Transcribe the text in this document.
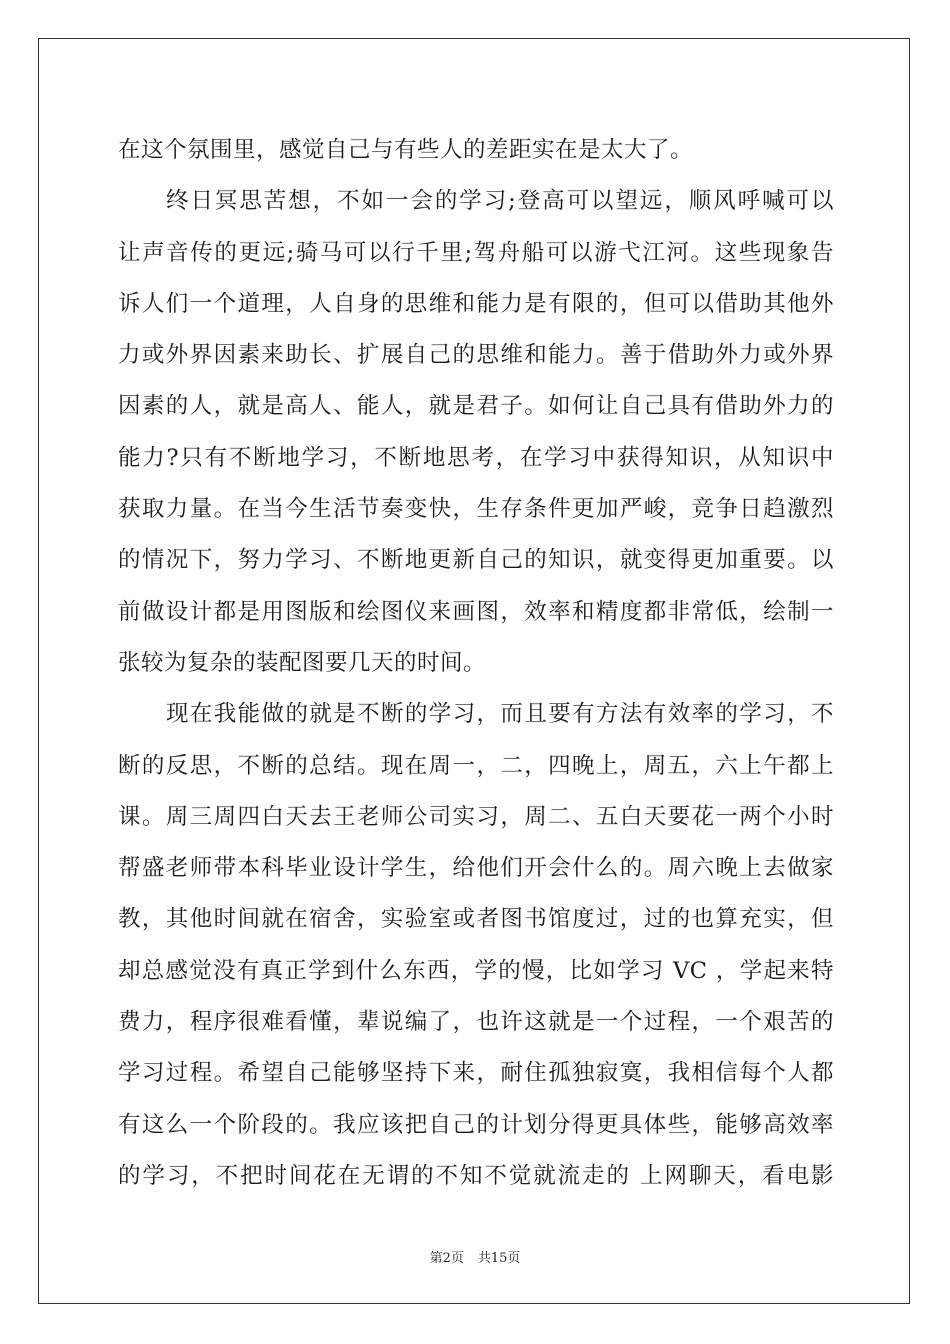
在这个氛围里，感觉自己与有些人的差距实在是太大了。
终日冥思苦想，不如一会的学习;登高可以望远，顺风呼喊可以
让声音传的更远;骑马可以行千里;驾舟船可以游弋江河。这些现象告
诉人们一个道理，人自身的思维和能力是有限的，但可以借助其他外
力或外界因素来助长、扩展自己的思维和能力。善于借助外力或外界
因素的人，就是高人、能人，就是君子。如何让自己具有借助外力的
能力?只有不断地学习，不断地思考，在学习中获得知识，从知识中
获取力量。在当今生活节奏变快，生存条件更加严峻，竞争日趋激烈
的情况下，努力学习、不断地更新自己的知识，就变得更加重要。以
前做设计都是用图版和绘图仪来画图，效率和精度都非常低，绘制一
张较为复杂的装配图要几天的时间。
现在我能做的就是不断的学习，而且要有方法有效率的学习，不
断的反思，不断的总结。现在周一，二，四晚上，周五，六上午都上
课。周三周四白天去王老师公司实习，周二、五白天要花一两个小时
帮盛老师带本科毕业设计学生，给他们开会什么的。周六晚上去做家
教，其他时间就在宿舍，实验室或者图书馆度过，过的也算充实，但
却总感觉没有真正学到什么东西，学的慢，比如学习 VC ，学起来特
费力，程序很难看懂，辈说编了，也许这就是一个过程，一个艰苦的
学习过程。希望自己能够坚持下来，耐住孤独寂寞，我相信每个人都
有这么一个阶段的。我应该把自己的计划分得更具体些，能够高效率
的学习，不把时间花在无谓的不知不觉就流走的 上网聊天，看电影
第2页 共15页
